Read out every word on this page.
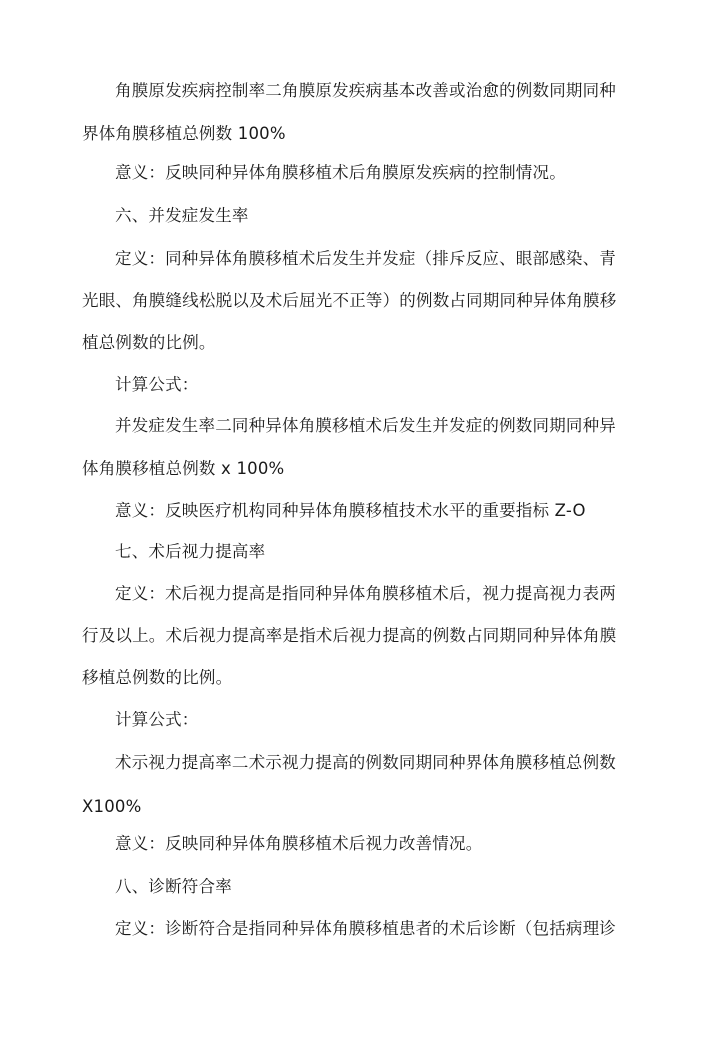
角膜原发疾病控制率二角膜原发疾病基本改善或治愈的例数同期同种
界体角膜移植总例数 100%
意义：反映同种异体角膜移植术后角膜原发疾病的控制情况。
六、并发症发生率
定义：同种异体角膜移植术后发生并发症（排斥反应、眼部感染、青
光眼、角膜缝线松脱以及术后屈光不正等）的例数占同期同种异体角膜移
植总例数的比例。
计算公式：
并发症发生率二同种异体角膜移植术后发生并发症的例数同期同种异
体角膜移植总例数 x 100%
意义：反映医疗机构同种异体角膜移植技术水平的重要指标 Z-O
七、术后视力提高率
定义：术后视力提高是指同种异体角膜移植术后，视力提高视力表两
行及以上。术后视力提高率是指术后视力提高的例数占同期同种异体角膜
移植总例数的比例。
计算公式：
术示视力提高率二术示视力提高的例数同期同种界体角膜移植总例数
X100%
意义：反映同种异体角膜移植术后视力改善情况。
八、诊断符合率
定义：诊断符合是指同种异体角膜移植患者的术后诊断（包括病理诊
